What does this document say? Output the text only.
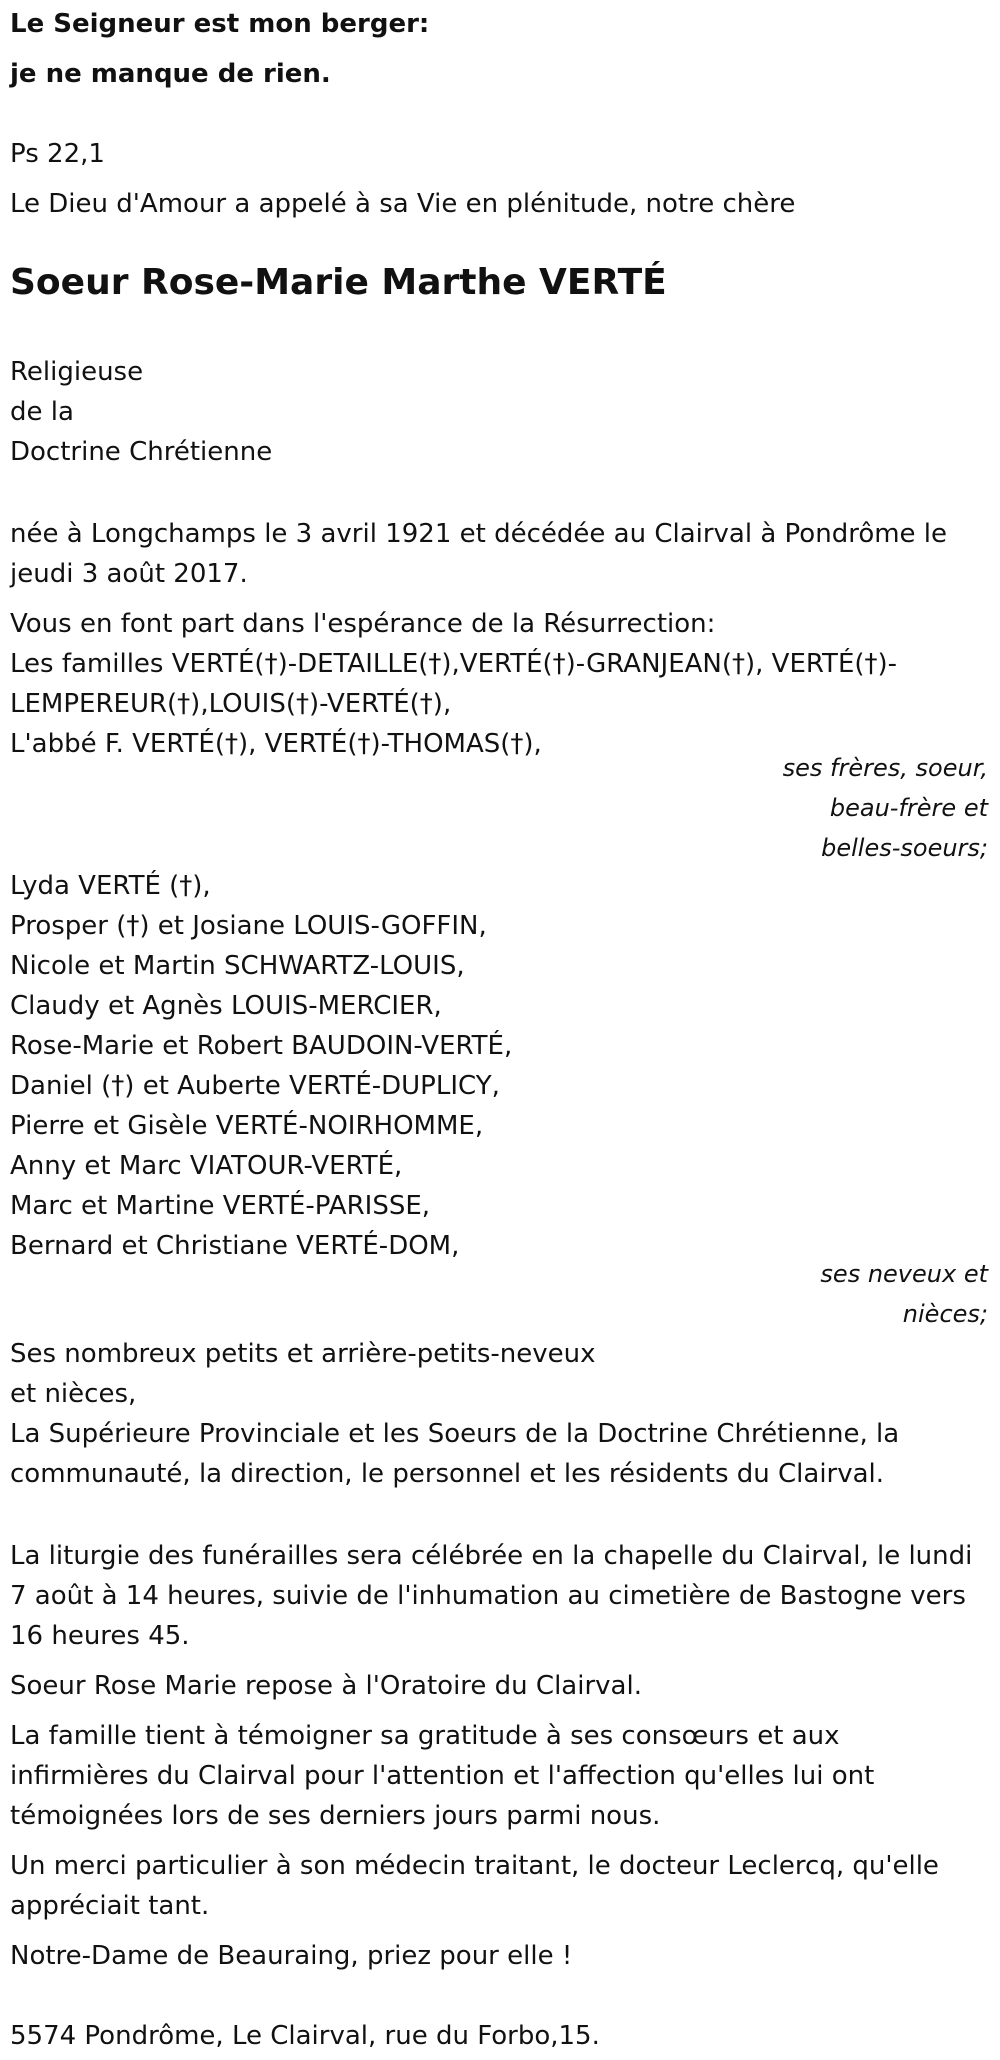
Le Seigneur est mon berger:
je ne manque de rien.
Ps 22,1
Le Dieu d'Amour a appelé à sa Vie en plénitude, notre chère
Soeur Rose-Marie Marthe VERTÉ
Religieuse
de la
Doctrine Chrétienne
née à Longchamps le 3 avril 1921 et décédée au Clairval à Pondrôme le
jeudi 3 août 2017.
Vous en font part dans l'espérance de la Résurrection:
Les familles VERTÉ(†)-DETAILLE(†),VERTÉ(†)-GRANJEAN(†), VERTÉ(†)-
LEMPEREUR(†),LOUIS(†)-VERTÉ(†),
L'abbé F. VERTÉ(†), VERTÉ(†)-THOMAS(†),
ses frères, soeur,
beau-frère et
belles-soeurs;
Lyda VERTÉ (†),
Prosper (†) et Josiane LOUIS-GOFFIN,
Nicole et Martin SCHWARTZ-LOUIS,
Claudy et Agnès LOUIS-MERCIER,
Rose-Marie et Robert BAUDOIN-VERTÉ,
Daniel (†) et Auberte VERTÉ-DUPLICY,
Pierre et Gisèle VERTÉ-NOIRHOMME,
Anny et Marc VIATOUR-VERTÉ,
Marc et Martine VERTÉ-PARISSE,
Bernard et Christiane VERTÉ-DOM,
ses neveux et
nièces;
Ses nombreux petits et arrière-petits-neveux
et nièces,
La Supérieure Provinciale et les Soeurs de la Doctrine Chrétienne, la
communauté, la direction, le personnel et les résidents du Clairval.
La liturgie des funérailles sera célébrée en la chapelle du Clairval, le lundi
7 août à 14 heures, suivie de l'inhumation au cimetière de Bastogne vers
16 heures 45.
Soeur Rose Marie repose à l'Oratoire du Clairval.
La famille tient à témoigner sa gratitude à ses consœurs et aux
infirmières du Clairval pour l'attention et l'affection qu'elles lui ont
témoignées lors de ses derniers jours parmi nous.
Un merci particulier à son médecin traitant, le docteur Leclercq, qu'elle
appréciait tant.
Notre-Dame de Beauraing, priez pour elle !
5574 Pondrôme, Le Clairval, rue du Forbo,15.
